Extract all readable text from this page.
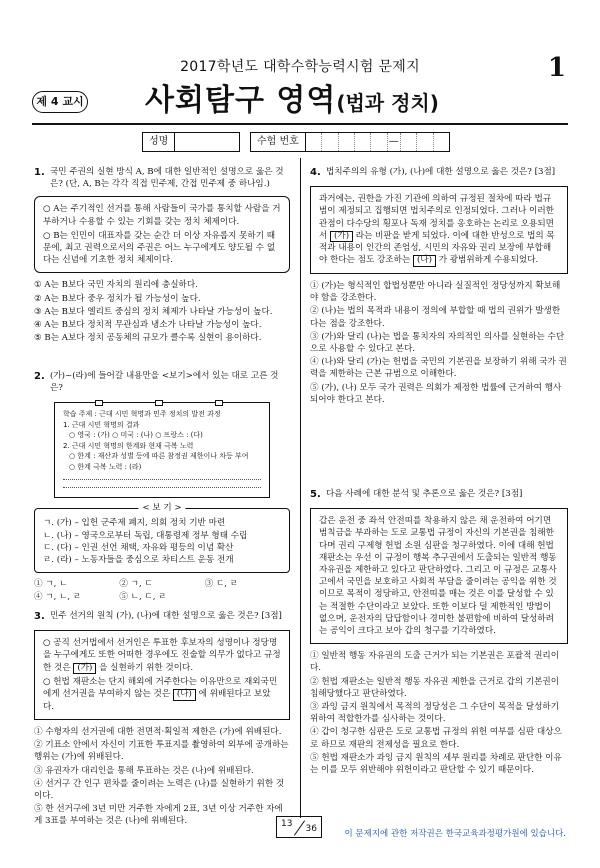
2017학년도 대학수학능력시험 문제지	1
제 4 교시 사회탐구 영역(법과 정치)
성명	수험 번호	—
1. 국민 주권의 실현 방식 A, B에 대한 일반적인 설명으로 옳은 것은? (단, A, B는 각각 직접 민주제, 간접 민주제 중 하나임.)

○ A는 주기적인 선거를 통해 사람들이 국가를 통치할 사람을 거부하거나 수용할 수 있는 기회를 갖는 정치 체제이다.

○ B는 인민이 대표자를 갖는 순간 더 이상 자유롭지 못하기 때문에, 최고 권력으로서의 주권은 어느 누구에게도 양도될 수 없다는 신념에 기초한 정치 체제이다.

① A는 B보다 국민 자치의 원리에 충실하다.
② A는 B보다 중우 정치가 될 가능성이 높다.
③ A는 B보다 엘리트 중심의 정치 체제가 나타날 가능성이 높다.
④ A는 B보다 정치적 무관심과 냉소가 나타날 가능성이 높다.
⑤ B는 A보다 정치 공동체의 규모가 클수록 실현이 용이하다.
2. (가)~(라)에 들어갈 내용만을 <보기>에서 있는 대로 고른 것은?
학습 주제 : 근대 시민 혁명과 민주 정치의 발전 과정
1. 근대 시민 혁명의 결과
○ 영국 : (가) ○ 미국 : (나) ○ 프랑스 : (다)
2. 근대 시민 혁명의 한계와 현재 극복 노력
○ 한계 : 재산과 성별 등에 따른 참정권 제한이나 차등 부여
○ 한계 극복 노력 : (라)
< 보 기 >
ㄱ. (가) – 입헌 군주제 폐지, 의회 정치 기반 마련
ㄴ. (나) – 영국으로부터 독립, 대통령제 정부 형태 수립
ㄷ. (다) – 인권 선언 채택, 자유와 평등의 이념 확산
ㄹ. (라) – 노동자들을 중심으로 차티스트 운동 전개
① ㄱ, ㄴ	② ㄱ, ㄷ	③ ㄷ, ㄹ
④ ㄱ, ㄴ, ㄹ	⑤ ㄴ, ㄷ, ㄹ
3. 민주 선거의 원칙 (가), (나)에 대한 설명으로 옳은 것은? [3점]

○ 공직 선거법에서 선거인은 투표한 후보자의 성명이나 정당명을 누구에게도 또한 어떠한 경우에도 진술할 의무가 없다고 규정한 것은 (가) 을 실현하기 위한 것이다.

○ 헌법 재판소는 단지 해외에 거주한다는 이유만으로 재외국민에게 선거권을 부여하지 않는 것은 (나) 에 위배된다고 보았다.

① 수형자의 선거권에 대한 전면적·획일적 제한은 (가)에 위배된다.
② 기표소 안에서 자신이 기표한 투표지를 촬영하여 외부에 공개하는 행위는 (가)에 위배된다.
③ 유권자가 대리인을 통해 투표하는 것은 (나)에 위배된다.
④ 선거구 간 인구 편차를 줄이려는 노력은 (나)를 실현하기 위한 것이다.
⑤ 한 선거구에 3년 미만 거주한 자에게 2표, 3년 이상 거주한 자에게 3표를 부여하는 것은 (나)에 위배된다.
4. 법치주의의 유형 (가), (나)에 대한 설명으로 옳은 것은? [3점]

과거에는, 권한을 가진 기관에 의하여 규정된 절차에 따라 법규범이 제정되고 집행되면 법치주의로 인정되었다. 그러나 이러한 관점이 다수당의 횡포나 독재 정치를 옹호하는 논리로 오용되면서 (가) 라는 비판을 받게 되었다. 이에 대한 반성으로 법의 목적과 내용이 인간의 존엄성, 시민의 자유와 권리 보장에 부합해야 한다는 점도 강조하는 (나) 가 광범위하게 수용되었다.

① (가)는 형식적인 합법성뿐만 아니라 실질적인 정당성까지 확보해야 함을 강조한다.
② (나)는 법의 목적과 내용이 정의에 부합할 때 법의 권위가 발생한다는 점을 강조한다.
③ (가)와 달리 (나)는 법을 통치자의 자의적인 의사를 실현하는 수단으로 사용할 수 있다고 본다.
④ (나)와 달리 (가)는 헌법을 국민의 기본권을 보장하기 위해 국가 권력을 제한하는 근본 규범으로 이해한다.
⑤ (가), (나) 모두 국가 권력은 의회가 제정한 법률에 근거하여 행사되어야 한다고 본다.
5. 다음 사례에 대한 분석 및 추론으로 옳은 것은? [3점]

갑은 운전 중 좌석 안전띠를 착용하지 않은 채 운전하여 어기면 범칙금을 부과하는 도로 교통법 규정이 자신의 기본권을 침해한다며 권리 구제형 헌법 소원 심판을 청구하였다. 이에 대해 헌법 재판소는 우선 이 규정이 행복 추구권에서 도출되는 일반적 행동 자유권을 제한하고 있다고 판단하였다. 그리고 이 규정은 교통사고에서 국민을 보호하고 사회적 부담을 줄이려는 공익을 위한 것이므로 목적이 정당하고, 안전띠를 매는 것은 이를 달성할 수 있는 적절한 수단이라고 보았다. 또한 이보다 덜 제한적인 방법이 없으며, 운전자의 답답함이나 경미한 불편함에 비하여 달성하려는 공익이 크다고 보아 갑의 청구를 기각하였다.

① 일반적 행동 자유권의 도출 근거가 되는 기본권은 포괄적 권리이다.
② 헌법 재판소는 일반적 행동 자유권 제한을 근거로 갑의 기본권이 침해당했다고 판단하였다.
③ 과잉 금지 원칙에서 목적의 정당성은 그 수단이 목적을 달성하기 위하여 적합한가를 심사하는 것이다.
④ 갑이 청구한 심판은 도로 교통법 규정의 위헌 여부를 심판 대상으로 하므로 재판의 전제성을 필요로 한다.
⑤ 헌법 재판소가 과잉 금지 원칙의 세부 원리를 차례로 판단한 이유는 이를 모두 위반해야 위헌이라고 판단할 수 있기 때문이다.
13
36	이 문제지에 관한 저작권은 한국교육과정평가원에 있습니다.
